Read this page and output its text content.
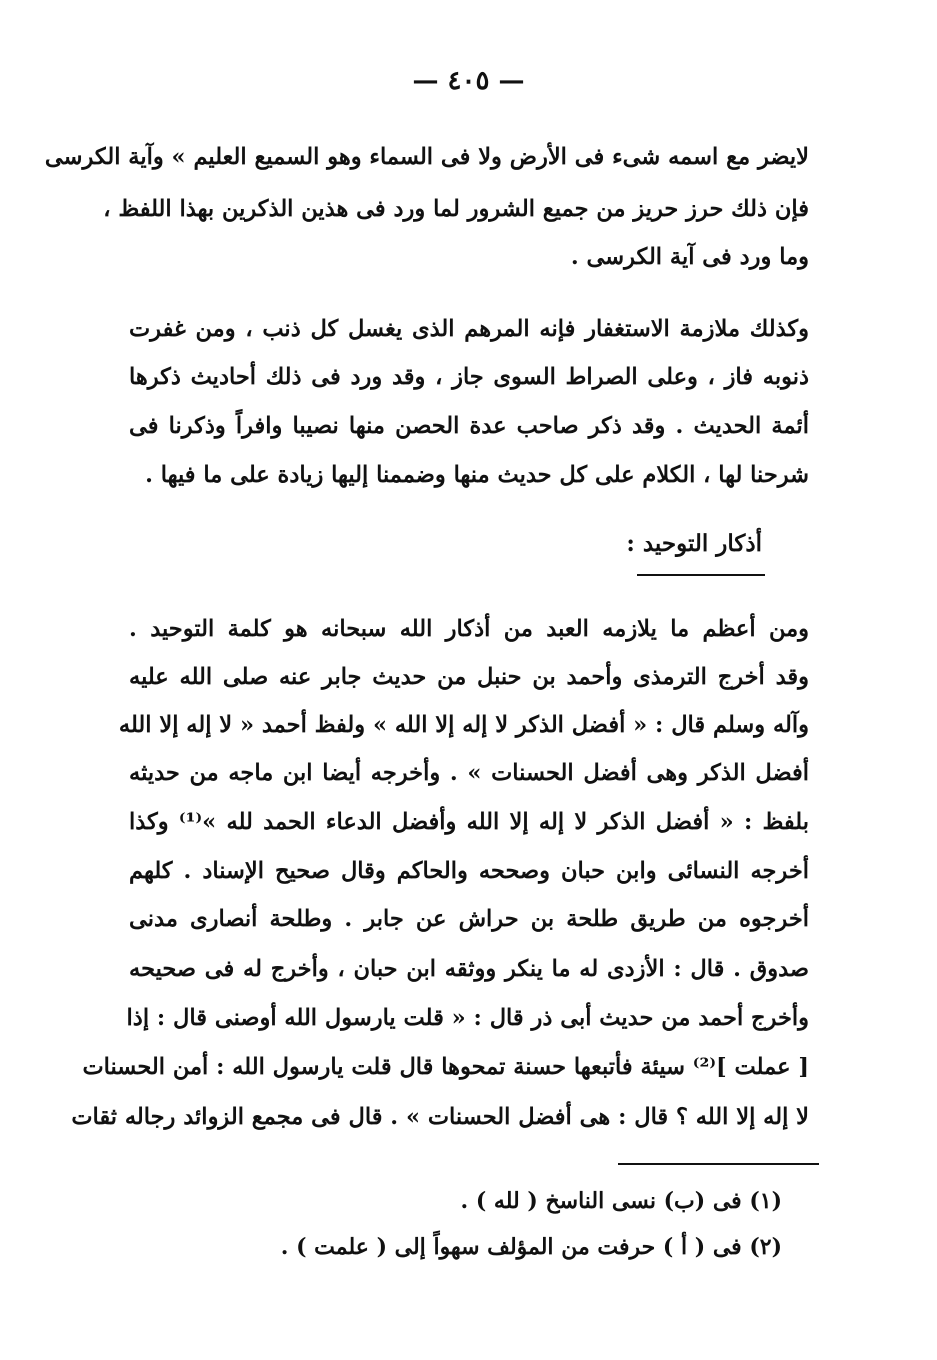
— ٤٠٥ —
لايضر مع اسمه شىء فى الأرض ولا فى السماء وهو السميع العليم » وآية الكرسى
فإن ذلك حرز حريز من جميع الشرور لما ورد فى هذين الذكرين بهذا اللفظ ،
وما ورد فى آية الكرسى .
وكذلك ملازمة الاستغفار فإنه المرهم الذى يغسل كل ذنب ، ومن غفرت
ذنوبه فاز ، وعلى الصراط السوى جاز ، وقد ورد فى ذلك أحاديث ذكرها
أئمة الحديث . وقد ذكر صاحب عدة الحصن منها نصيبا وافراً وذكرنا فى
شرحنا لها ، الكلام على كل حديث منها وضممنا إليها زيادة على ما فيها .
أذكار التوحيد :
ومن أعظم ما يلازمه العبد من أذكار الله سبحانه هو كلمة التوحيد .
وقد أخرج الترمذى وأحمد بن حنبل من حديث جابر عنه صلى الله عليه
وآله وسلم قال : « أفضل الذكر لا إله إلا الله » ولفظ أحمد « لا إله إلا الله
أفضل الذكر وهى أفضل الحسنات » . وأخرجه أيضا ابن ماجه من حديثه
بلفظ : « أفضل الذكر لا إله إلا الله وأفضل الدعاء الحمد لله »⁽¹⁾ وكذا
أخرجه النسائى وابن حبان وصححه والحاكم وقال صحيح الإسناد . كلهم
أخرجوه من طريق طلحة بن حراش عن جابر . وطلحة أنصارى مدنى
صدوق . قال : الأزدى له ما ينكر ووثقه ابن حبان ، وأخرج له فى صحيحه
وأخرج أحمد من حديث أبى ذر قال : « قلت يارسول الله أوصنى قال : إذا
[ عملت ]⁽²⁾ سيئة فأتبعها حسنة تمحوها قال قلت يارسول الله : أمن الحسنات
لا إله إلا الله ؟ قال : هى أفضل الحسنات » . قال فى مجمع الزوائد رجاله ثقات
(١) فى (ب) نسى الناسخ ( لله ) .
(٢) فى ( أ ) حرفت من المؤلف سهواً إلى ( علمت ) .
